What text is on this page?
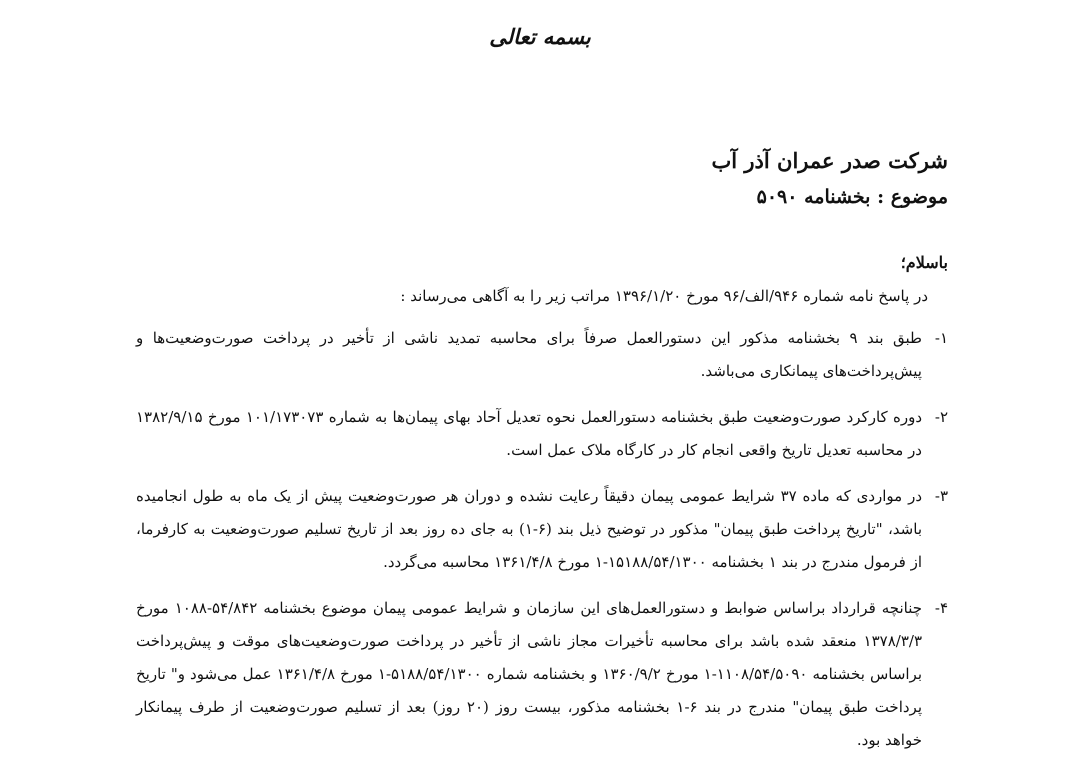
بسمه تعالی
شرکت صدر عمران آذر آب
موضوع : بخشنامه ۵۰۹۰
باسلام؛
در پاسخ نامه شماره ۹۴۶/الف/۹۶ مورخ ۱۳۹۶/۱/۲۰ مراتب زیر را به آگاهی می‌رساند :
۱-
طبق بند ۹ بخشنامه مذکور این دستورالعمل صرفاً برای محاسبه تمدید ناشی از تأخیر در پرداخت صورت‌وضعیت‌ها و پیش‌پرداخت‌های پیمانکاری می‌باشد.
۲-
دوره کارکرد صورت‌وضعیت طبق بخشنامه دستورالعمل نحوه تعدیل آحاد بهای پیمان‌ها به شماره ۱۰۱/۱۷۳۰۷۳ مورخ ۱۳۸۲/۹/۱۵ در محاسبه تعدیل تاریخ واقعی انجام کار در کارگاه ملاک عمل است.
۳-
در مواردی که ماده ۳۷ شرایط عمومی پیمان دقیقاً رعایت نشده و دوران هر صورت‌وضعیت پیش از یک ماه به طول انجامیده باشد، "تاریخ پرداخت طبق پیمان" مذکور در توضیح ذیل بند (۶-۱) به جای ده روز بعد از تاریخ تسلیم صورت‌وضعیت به کارفرما، از فرمول مندرج در بند ۱ بخشنامه ۱۵۱۸۸/۵۴/۱۳۰۰-۱ مورخ ۱۳۶۱/۴/۸ محاسبه می‌گردد.
۴-
چنانچه قرارداد براساس ضوابط و دستورالعمل‌های این سازمان و شرایط عمومی پیمان موضوع بخشنامه ۵۴/۸۴۲-۱۰۸۸ مورخ ۱۳۷۸/۳/۳ منعقد شده باشد برای محاسبه تأخیرات مجاز ناشی از تأخیر در پرداخت صورت‌وضعیت‌های موقت و پیش‌پرداخت براساس بخشنامه ۱۱۰۸/۵۴/۵۰۹۰-۱ مورخ ۱۳۶۰/۹/۲ و بخشنامه شماره ۵۱۸۸/۵۴/۱۳۰۰-۱ مورخ ۱۳۶۱/۴/۸ عمل می‌شود و" تاریخ پرداخت طبق پیمان" مندرج در بند ۶-۱ بخشنامه مذکور، بیست روز (۲۰ روز) بعد از تسلیم صورت‌وضعیت از طرف پیمانکار خواهد بود.
